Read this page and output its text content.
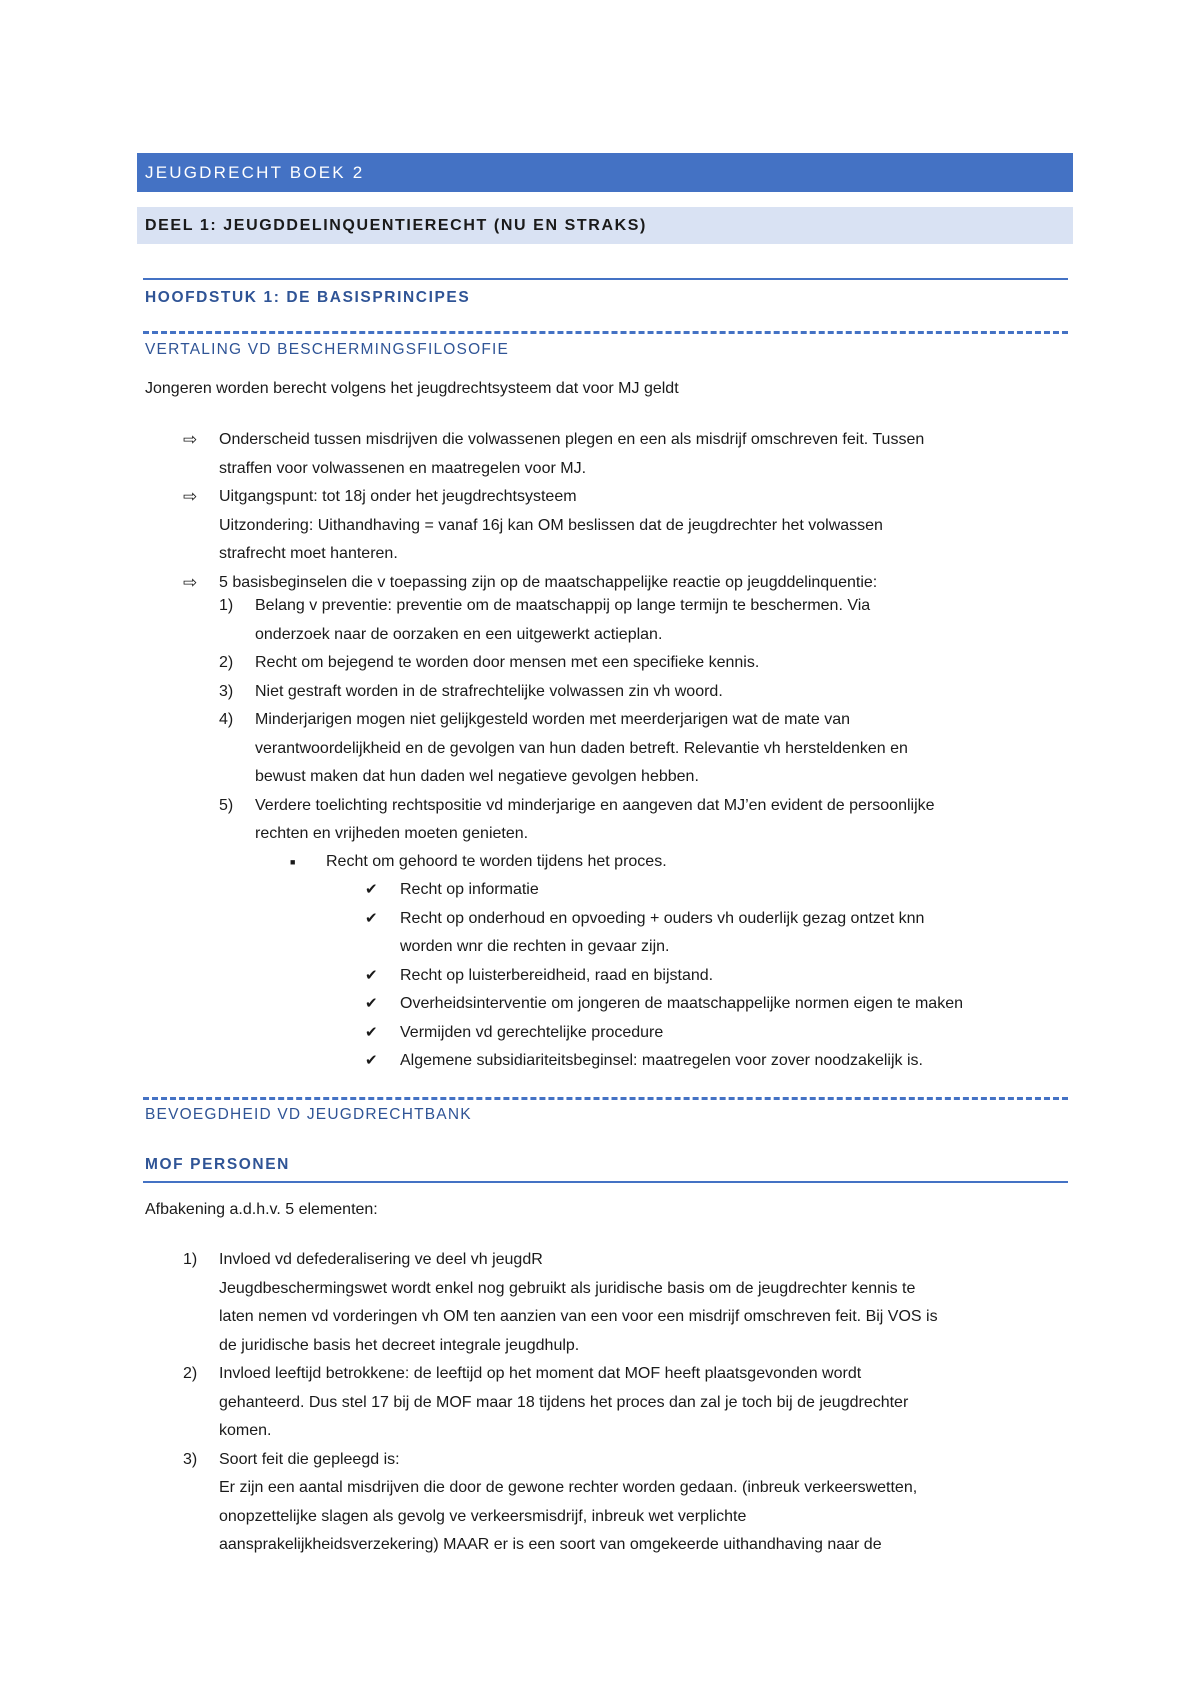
JEUGDRECHT BOEK 2
DEEL 1: JEUGDDELINQUENTIERECHT (NU EN STRAKS)
HOOFDSTUK 1: DE BASISPRINCIPES
VERTALING VD BESCHERMINGSFILOSOFIE
Jongeren worden berecht volgens het jeugdrechtsysteem dat voor MJ geldt
⇨ Onderscheid tussen misdrijven die volwassenen plegen en een als misdrijf omschreven feit. Tussen
straffen voor volwassenen en maatregelen voor MJ.
⇨ Uitgangspunt: tot 18j onder het jeugdrechtsysteem
Uitzondering: Uithandhaving = vanaf 16j kan OM beslissen dat de jeugdrechter het volwassen
strafrecht moet hanteren.
⇨ 5 basisbeginselen die v toepassing zijn op de maatschappelijke reactie op jeugddelinquentie:
1) Belang v preventie: preventie om de maatschappij op lange termijn te beschermen. Via
onderzoek naar de oorzaken en een uitgewerkt actieplan.
2) Recht om bejegend te worden door mensen met een specifieke kennis.
3) Niet gestraft worden in de strafrechtelijke volwassen zin vh woord.
4) Minderjarigen mogen niet gelijkgesteld worden met meerderjarigen wat de mate van
verantwoordelijkheid en de gevolgen van hun daden betreft. Relevantie vh hersteldenken en
bewust maken dat hun daden wel negatieve gevolgen hebben.
5) Verdere toelichting rechtspositie vd minderjarige en aangeven dat MJ’en evident de persoonlijke
rechten en vrijheden moeten genieten.
■ Recht om gehoord te worden tijdens het proces.
✔ Recht op informatie
✔ Recht op onderhoud en opvoeding + ouders vh ouderlijk gezag ontzet knn
worden wnr die rechten in gevaar zijn.
✔ Recht op luisterbereidheid, raad en bijstand.
✔ Overheidsinterventie om jongeren de maatschappelijke normen eigen te maken
✔ Vermijden vd gerechtelijke procedure
✔ Algemene subsidiariteitsbeginsel: maatregelen voor zover noodzakelijk is.
BEVOEGDHEID VD JEUGDRECHTBANK
MOF PERSONEN
Afbakening a.d.h.v. 5 elementen:
1) Invloed vd defederalisering ve deel vh jeugdR
Jeugdbeschermingswet wordt enkel nog gebruikt als juridische basis om de jeugdrechter kennis te
laten nemen vd vorderingen vh OM ten aanzien van een voor een misdrijf omschreven feit. Bij VOS is
de juridische basis het decreet integrale jeugdhulp.
2) Invloed leeftijd betrokkene: de leeftijd op het moment dat MOF heeft plaatsgevonden wordt
gehanteerd. Dus stel 17 bij de MOF maar 18 tijdens het proces dan zal je toch bij de jeugdrechter
komen.
3) Soort feit die gepleegd is:
Er zijn een aantal misdrijven die door de gewone rechter worden gedaan. (inbreuk verkeerswetten,
onopzettelijke slagen als gevolg ve verkeersmisdrijf, inbreuk wet verplichte
aansprakelijkheidsverzekering) MAAR er is een soort van omgekeerde uithandhaving naar de
